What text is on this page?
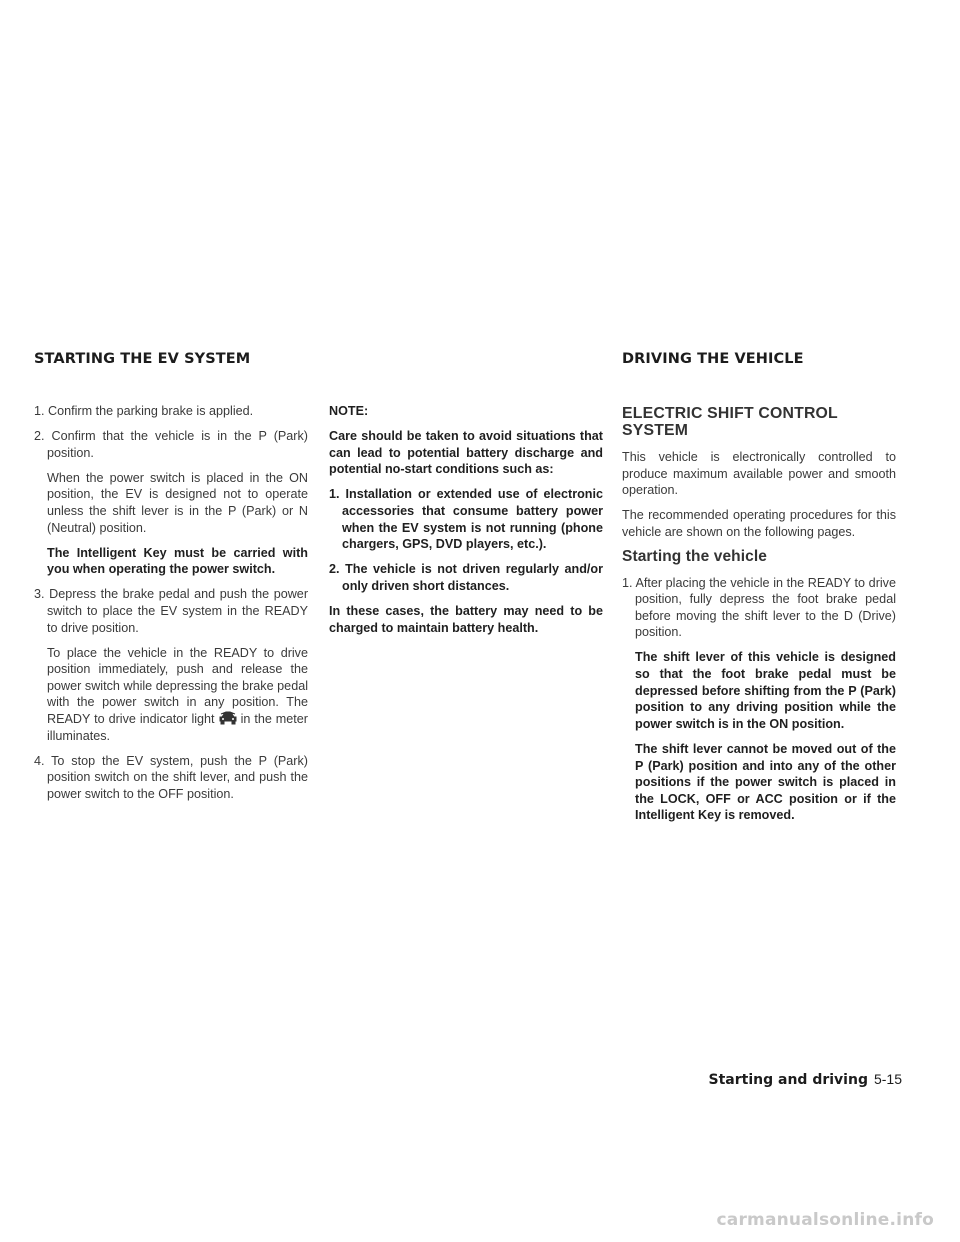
STARTING THE EV SYSTEM	DRIVING THE VEHICLE

1. Confirm the parking brake is applied.

2. Confirm that the vehicle is in the P (Park) position.

When the power switch is placed in the ON position, the EV is designed not to operate unless the shift lever is in the P (Park) or N (Neutral) position.

The Intelligent Key must be carried with you when operating the power switch.

3. Depress the brake pedal and push the power switch to place the EV system in the READY to drive position.

To place the vehicle in the READY to drive position immediately, push and release the power switch while depressing the brake pedal with the power switch in any position. The READY to drive indicator light in the meter illuminates.

4. To stop the EV system, push the P (Park) position switch on the shift lever, and push the power switch to the OFF position.

NOTE:

Care should be taken to avoid situations that can lead to potential battery discharge and potential no-start conditions such as:

1. Installation or extended use of electronic accessories that consume battery power when the EV system is not running (phone chargers, GPS, DVD players, etc.).

2. The vehicle is not driven regularly and/or only driven short distances.

In these cases, the battery may need to be charged to maintain battery health.

ELECTRIC SHIFT CONTROL SYSTEM

This vehicle is electronically controlled to produce maximum available power and smooth operation.

The recommended operating procedures for this vehicle are shown on the following pages.

Starting the vehicle

1. After placing the vehicle in the READY to drive position, fully depress the foot brake pedal before moving the shift lever to the D (Drive) position.

The shift lever of this vehicle is designed so that the foot brake pedal must be depressed before shifting from the P (Park) position to any driving position while the power switch is in the ON position.

The shift lever cannot be moved out of the P (Park) position and into any of the other positions if the power switch is placed in the LOCK, OFF or ACC position or if the Intelligent Key is removed.

Starting and driving 5-15
carmanualsonline.info
